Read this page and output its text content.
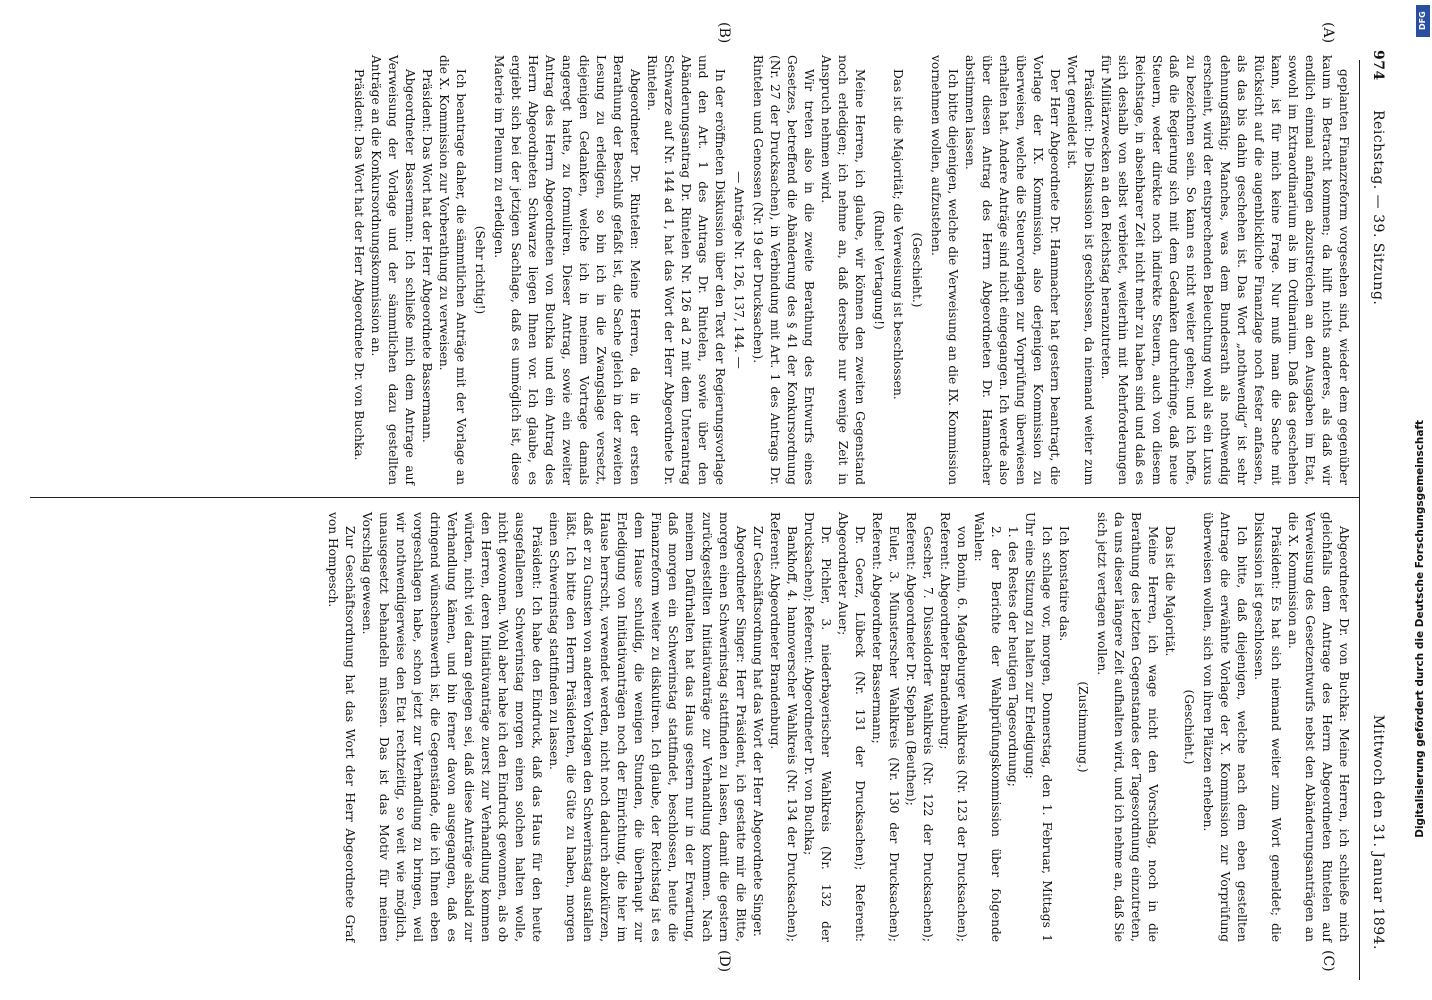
974
Reichstag. — 39. Sitzung.
Mittwoch den 31. Januar 1894.
(A)
(B)
(C)
(D)

geplanten Finanzreform vorgesehen sind, wieder dem gegenüber kaum in Betracht kommen; da hilft nichts anderes, als daß wir endlich einmal anfangen abzustreichen an den Ausgaben im Etat, sowohl im Extraordinarium als im Ordinarium. Daß das geschehen kann, ist für mich keine Frage. Nur muß man die Sache mit Rücksicht auf die augenblickliche Finanzlage noch fester anfassen, als das bis dahin geschehen ist. Das Wort „nothwendig“ ist sehr dehnungsfähig; Manches, was dem Bundesrath als nothwendig erscheint, wird der entsprechenden Beleuchtung wohl als ein Luxus zu bezeichnen sein. So kann es nicht weiter gehen; und ich hoffe, daß die Regierung sich mit dem Gedanken durchdringe, daß neue Steuern, weder direkte noch indirekte Steuern, auch von diesem Reichstage, in absehbarer Zeit nicht mehr zu haben sind und daß es sich deshalb von selbst verbietet, weiterhin mit Mehrforderungen für Militärzwecken an den Reichstag heranzutreten.

Präsident: Die Diskussion ist geschlossen, da niemand weiter zum Wort gemeldet ist.

Der Herr Abgeordnete Dr. Hammacher hat gestern beantragt, die Vorlage der IX. Kommission, also derjenigen Kommission zu überweisen, welche die Steuervorlagen zur Vorprüfung überwiesen erhalten hat. Andere Anträge sind nicht eingegangen. Ich werde also über diesen Antrag des Herrn Abgeordneten Dr. Hammacher abstimmen lassen.

Ich bitte diejenigen, welche die Verweisung an die IX. Kommission vornehmen wollen, aufzustehen.

(Geschieht.)

Das ist die Majorität; die Verweisung ist beschlossen.

(Ruhe! Vertagung!)

Meine Herren, ich glaube, wir können den zweiten Gegenstand noch erledigen; ich nehme an, daß derselbe nur wenige Zeit in Anspruch nehmen wird.

Wir treten also in die zweite Berathung des Entwurfs eines Gesetzes, betreffend die Abänderung des § 41 der Konkursordnung (Nr. 27 der Drucksachen), in Verbindung mit Art. 1 des Antrags Dr. Rintelen und Genossen (Nr. 19 der Drucksachen).

— Anträge Nr. 126, 137, 144. —

In der eröffneten Diskussion über den Text der Regierungsvorlage und den Art. 1 des Antrags Dr. Rintelen, sowie über den Abänderungsantrag Dr. Rintelen Nr. 126 ad 2 mit dem Unterantrag Schwarze auf Nr. 144 ad 1, hat das Wort der Herr Abgeordnete Dr. Rintelen.

Abgeordneter Dr. Rintelen: Meine Herren, da in der ersten Berathung der Beschluß gefaßt ist, die Sache gleich in der zweiten Lesung zu erledigen, so bin ich in die Zwangslage versetzt, diejenigen Gedanken, welche ich in meinem Vortrage damals angeregt hatte, zu formuliren. Dieser Antrag, sowie ein zweiter Antrag des Herrn Abgeordneten von Buchka und ein Antrag des Herrn Abgeordneten Schwarze liegen Ihnen vor. Ich glaube, es ergiebt sich bei der jetzigen Sachlage, daß es unmöglich ist, diese Materie im Plenum zu erledigen.

(Sehr richtig!)

Ich beantrage daher, die sämmtlichen Anträge mit der Vorlage an die X. Kommission zur Vorberathung zu verweisen.

Präsident: Das Wort hat der Herr Abgeordnete Bassermann.

Abgeordneter Bassermann: Ich schließe mich dem Antrage auf Verweisung der Vorlage und der sämmtlichen dazu gestellten Anträge an die Konkursordnungskommission an.

Präsident: Das Wort hat der Herr Abgeordnete Dr. von Buchka.

Abgeordneter Dr. von Buchka: Meine Herren, ich schließe mich gleichfalls dem Antrage des Herrn Abgeordneten Rintelen auf Verweisung des Gesetzentwurfs nebst den Abänderungsanträgen an die X. Kommission an.

Präsident: Es hat sich niemand weiter zum Wort gemeldet; die Diskussion ist geschlossen.

Ich bitte, daß diejenigen, welche nach dem eben gestellten Antrage die erwähnte Vorlage der X. Kommission zur Vorprüfung überweisen wollen, sich von ihren Plätzen erheben.

(Geschieht.)

Das ist die Majorität.

Meine Herren, ich wage nicht den Vorschlag, noch in die Berathung des letzten Gegenstandes der Tagesordnung einzutreten, da uns dieser längere Zeit aufhalten wird, und ich nehme an, daß Sie sich jetzt vertagen wollen.

(Zustimmung.)

Ich konstatire das.

Ich schlage vor, morgen, Donnerstag, den 1. Februar, Mittags 1 Uhr eine Sitzung zu halten zur Erledigung:

1. des Restes der heutigen Tagesordnung;

2. der Berichte der Wahlprüfungskommission über folgende Wahlen:

von Bonin, 6. Magdeburger Wahlkreis (Nr. 123 der Drucksachen); Referent: Abgeordneter Brandenburg;

Gescher, 7. Düsseldorfer Wahlkreis (Nr. 122 der Drucksachen); Referent: Abgeordneter Dr. Stephan (Beuthen);

Euler, 3. Münsterscher Wahlkreis (Nr. 130 der Drucksachen); Referent: Abgeordneter Bassermann;

Dr. Goerz, Lübeck (Nr. 131 der Drucksachen); Referent: Abgeordneter Auer;

Dr. Pichler, 3. niederbayerischer Wahlkreis (Nr. 132 der Drucksachen); Referent: Abgeordneter Dr. von Buchka;

Bankhoff, 4. hannoverscher Wahlkreis (Nr. 134 der Drucksachen); Referent: Abgeordneter Brandenburg.

Zur Geschäftsordnung hat das Wort der Herr Abgeordnete Singer.

Abgeordneter Singer: Herr Präsident, ich gestatte mir die Bitte, morgen einen Schwerinstag stattfinden zu lassen, damit die gestern zurückgestellten Initiativanträge zur Verhandlung kommen. Nach meinem Dafürhalten hat das Haus gestern nur in der Erwartung, daß morgen ein Schwerinstag stattfindet, beschlossen, heute die Finanzreform weiter zu diskutiren. Ich glaube, der Reichstag ist es dem Hause schuldig, die wenigen Stunden, die überhaupt zur Erledigung von Initiativanträgen noch der Einrichtung, die hier im Hause herrscht, verwendet werden, nicht noch dadurch abzukürzen, daß er zu Gunsten von anderen Vorlagen den Schwerinstag ausfallen läßt. Ich bitte den Herrn Präsidenten, die Güte zu haben, morgen einen Schwerinstag stattfinden zu lassen.

Präsident: Ich habe den Eindruck, daß das Haus für den heute ausgefallenen Schwerinstag morgen einen solchen halten wolle, nicht gewonnen. Wohl aber habe ich den Eindruck gewonnen, als ob den Herren, deren Initiativanträge zuerst zur Verhandlung kommen würden, nicht viel daran gelegen sei, daß diese Anträge alsbald zur Verhandlung kämen, und bin ferner davon ausgegangen, daß es dringend wünschenswerth ist, die Gegenstände, die ich Ihnen eben vorgeschlagen habe, schon jetzt zur Verhandlung zu bringen, weil wir nothwendigerweise den Etat rechtzeitig, so weit wie möglich, unausgesetzt behandeln müssen. Das ist das Motiv für meinen Vorschlag gewesen.

Zur Geschäftsordnung hat das Wort der Herr Abgeordnete Graf von Hompesch.

DFG
Digitalisierung gefördert durch die Deutsche Forschungsgemeinschaft
